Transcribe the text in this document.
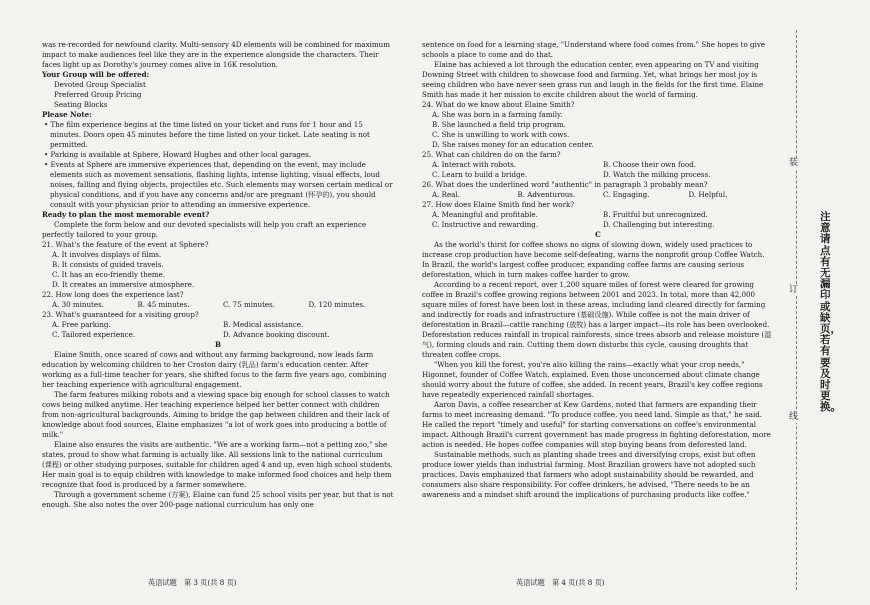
was re-recorded for newfound clarity. Multi-sensory 4D elements will be combined for maximum impact to make audiences feel like they are in the experience alongside the characters. Their faces light up as Dorothy's journey comes alive in 16K resolution.

Your Group will be offered:

Devoted Group Specialist

Preferred Group Pricing

Seating Blocks

Please Note:

• The film experience begins at the time listed on your ticket and runs for 1 hour and 15 minutes. Doors open 45 minutes before the time listed on your ticket. Late seating is not permitted.

• Parking is available at Sphere, Howard Hughes and other local garages.

• Events at Sphere are immersive experiences that, depending on the event, may include elements such as movement sensations, flashing lights, intense lighting, visual effects, loud noises, falling and flying objects, projectiles etc. Such elements may worsen certain medical or physical conditions, and if you have any concerns and/or are pregnant (怀孕的), you should consult with your physician prior to attending an immersive experience.

Ready to plan the most memorable event?

Complete the form below and our devoted specialists will help you craft an experience perfectly tailored to your group.

21. What's the feature of the event at Sphere?

A. It involves displays of films.

B. It consists of guided travels.

C. It has an eco-friendly theme.

D. It creates an immersive atmosphere.

22. How long does the experience last?

A. 30 minutes.	B. 45 minutes.	C. 75 minutes.	D. 120 minutes.

23. What's guaranteed for a visiting group?

A. Free parking.	B. Medical assistance.
C. Tailored experience.	D. Advance booking discount.

B

Elaine Smith, once scared of cows and without any farming background, now leads farm education by welcoming children to her Croston dairy (乳品) farm's education center. After working as a full-time teacher for years, she shifted focus to the farm five years ago, combining her teaching experience with agricultural engagement.

The farm features milking robots and a viewing space big enough for school classes to watch cows being milked anytime. Her teaching experience helped her better connect with children from non-agricultural backgrounds. Aiming to bridge the gap between children and their lack of knowledge about food sources, Elaine emphasizes "a lot of work goes into producing a bottle of milk."

Elaine also ensures the visits are authentic. "We are a working farm—not a petting zoo," she states, proud to show what farming is actually like. All sessions link to the national curriculum (课程) or other studying purposes, suitable for children aged 4 and up, even high school students. Her main goal is to equip children with knowledge to make informed food choices and help them recognize that food is produced by a farmer somewhere.

Through a government scheme (方案), Elaine can fund 25 school visits per year, but that is not enough. She also notes the over 200-page national curriculum has only one

sentence on food for a learning stage, "Understand where food comes from." She hopes to give schools a place to come and do that.

Elaine has achieved a lot through the education center, even appearing on TV and visiting Downing Street with children to showcase food and farming. Yet, what brings her most joy is seeing children who have never seen grass run and laugh in the fields for the first time. Elaine Smith has made it her mission to excite children about the world of farming.

24. What do we know about Elaine Smith?

A. She was born in a farming family.

B. She launched a field trip program.

C. She is unwilling to work with cows.

D. She raises money for an education center.

25. What can children do on the farm?

A. Interact with robots.	B. Choose their own food.
C. Learn to build a bridge.	D. Watch the milking process.

26. What does the underlined word "authentic" in paragraph 3 probably mean?

A. Real.	B. Adventurous.	C. Engaging.	D. Helpful.

27. How does Elaine Smith find her work?

A. Meaningful and profitable.	B. Fruitful but unrecognized.
C. Instructive and rewarding.	D. Challenging but interesting.

C

As the world's thirst for coffee shows no signs of slowing down, widely used practices to increase crop production have become self-defeating, warns the nonprofit group Coffee Watch. In Brazil, the world's largest coffee producer, expanding coffee farms are causing serious deforestation, which in turn makes coffee harder to grow.

According to a recent report, over 1,200 square miles of forest were cleared for growing coffee in Brazil's coffee growing regions between 2001 and 2023. In total, more than 42,000 square miles of forest have been lost in these areas, including land cleared directly for farming and indirectly for roads and infrastructure (基础设施). While coffee is not the main driver of deforestation in Brazil—cattle ranching (放牧) has a larger impact—its role has been overlooked. Deforestation reduces rainfall in tropical rainforests, since trees absorb and release moisture (湿气), forming clouds and rain. Cutting them down disturbs this cycle, causing droughts that threaten coffee crops.

"When you kill the forest, you're also killing the rains—exactly what your crop needs," Higonnet, founder of Coffee Watch, explained. Even those unconcerned about climate change should worry about the future of coffee, she added. In recent years, Brazil's key coffee regions have repeatedly experienced rainfall shortages.

Aaron Davis, a coffee researcher at Kew Gardens, noted that farmers are expanding their farms to meet increasing demand. "To produce coffee, you need land. Simple as that," he said. He called the report "timely and useful" for starting conversations on coffee's environmental impact. Although Brazil's current government has made progress in fighting deforestation, more action is needed. He hopes coffee companies will stop buying beans from deforested land.

Sustainable methods, such as planting shade trees and diversifying crops, exist but often produce lower yields than industrial farming. Most Brazilian growers have not adopted such practices. Davis emphasized that farmers who adopt sustainability should be rewarded, and consumers also share responsibility. For coffee drinkers, he advised, "There needs to be an awareness and a mindset shift around the implications of purchasing products like coffee."

英语试题　第 3 页(共 8 页)	英语试题　第 4 页(共 8 页)
装
订
线
注意请点有无漏印或缺页，若有要及时更换。
